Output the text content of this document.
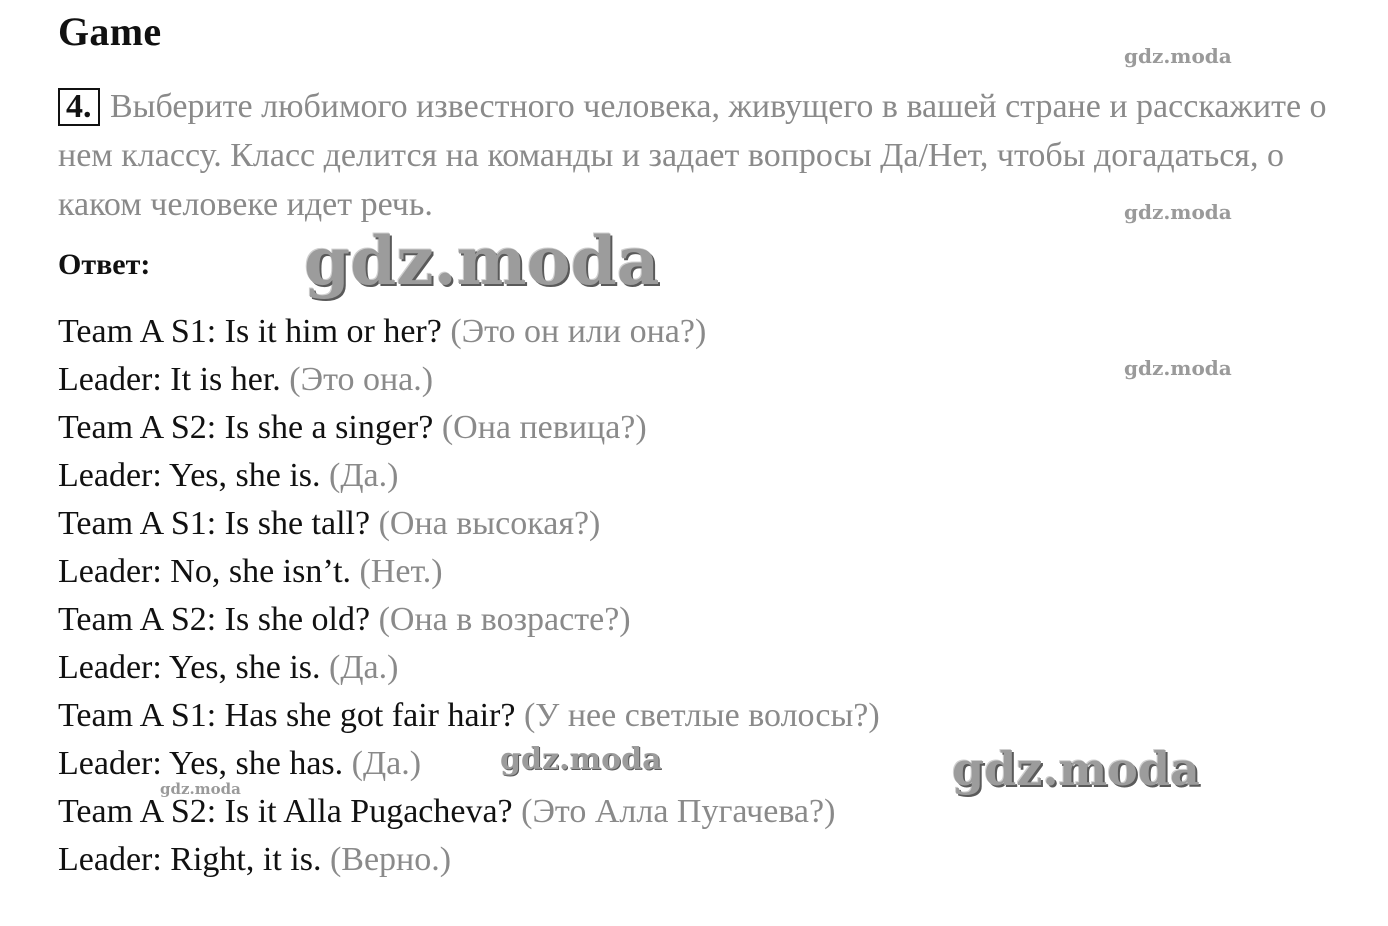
Game
4. Выберите любимого известного человека, живущего в вашей стране и расскажите о нем классу. Класс делится на команды и задает вопросы Да/Нет, чтобы догадаться, о каком человеке идет речь.
Ответ:
Team A S1: Is it him or her? (Это он или она?)
Leader: It is her. (Это она.)
Team A S2: Is she a singer? (Она певица?)
Leader: Yes, she is. (Да.)
Team A S1: Is she tall? (Она высокая?)
Leader: No, she isn’t. (Нет.)
Team A S2: Is she old? (Она в возрасте?)
Leader: Yes, she is. (Да.)
Team A S1: Has she got fair hair? (У нее светлые волосы?)
Leader: Yes, she has. (Да.)
Team A S2: Is it Alla Pugacheva? (Это Алла Пугачева?)
Leader: Right, it is. (Верно.)
gdz.moda
gdz.moda
gdz.moda
gdz.moda
gdz.moda	gdz.moda
gdz.moda
